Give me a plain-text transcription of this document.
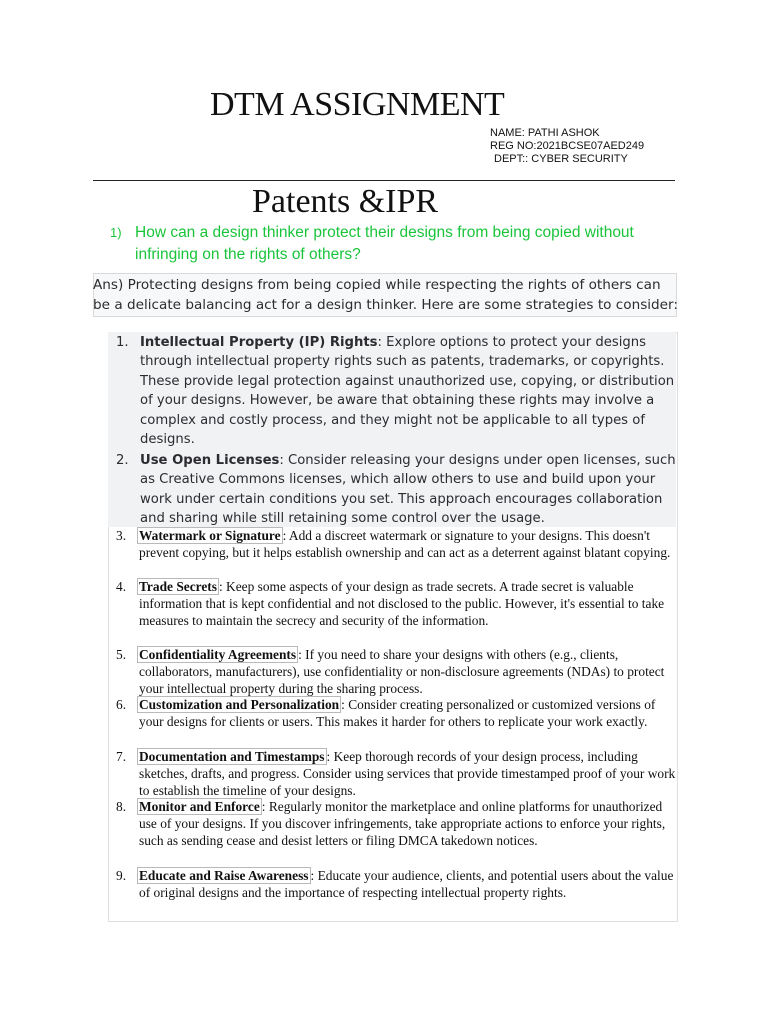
DTM ASSIGNMENT
NAME: PATHI ASHOK
REG NO:2021BCSE07AED249
DEPT:: CYBER SECURITY
Patents &IPR
1) How can a design thinker protect their designs from being copied without infringing on the rights of others?
Ans) Protecting designs from being copied while respecting the rights of others can
be a delicate balancing act for a design thinker. Here are some strategies to consider:
1. Intellectual Property (IP) Rights: Explore options to protect your designs through intellectual property rights such as patents, trademarks, or copyrights. These provide legal protection against unauthorized use, copying, or distribution of your designs. However, be aware that obtaining these rights may involve a complex and costly process, and they might not be applicable to all types of designs.
2. Use Open Licenses: Consider releasing your designs under open licenses, such as Creative Commons licenses, which allow others to use and build upon your work under certain conditions you set. This approach encourages collaboration and sharing while still retaining some control over the usage.
3. Watermark or Signature : Add a discreet watermark or signature to your designs. This doesn't prevent copying, but it helps establish ownership and can act as a deterrent against blatant copying.
4. Trade Secrets : Keep some aspects of your design as trade secrets. A trade secret is valuable information that is kept confidential and not disclosed to the public. However, it's essential to take measures to maintain the secrecy and security of the information.
5. Confidentiality Agreements : If you need to share your designs with others (e.g., clients, collaborators, manufacturers), use confidentiality or non-disclosure agreements (NDAs) to protect your intellectual property during the sharing process.
6. Customization and Personalization : Consider creating personalized or customized versions of your designs for clients or users. This makes it harder for others to replicate your work exactly.
7. Documentation and Timestamps : Keep thorough records of your design process, including sketches, drafts, and progress. Consider using services that provide timestamped proof of your work to establish the timeline of your designs.
8. Monitor and Enforce : Regularly monitor the marketplace and online platforms for unauthorized use of your designs. If you discover infringements, take appropriate actions to enforce your rights, such as sending cease and desist letters or filing DMCA takedown notices.
9. Educate and Raise Awareness : Educate your audience, clients, and potential users about the value of original designs and the importance of respecting intellectual property rights.
